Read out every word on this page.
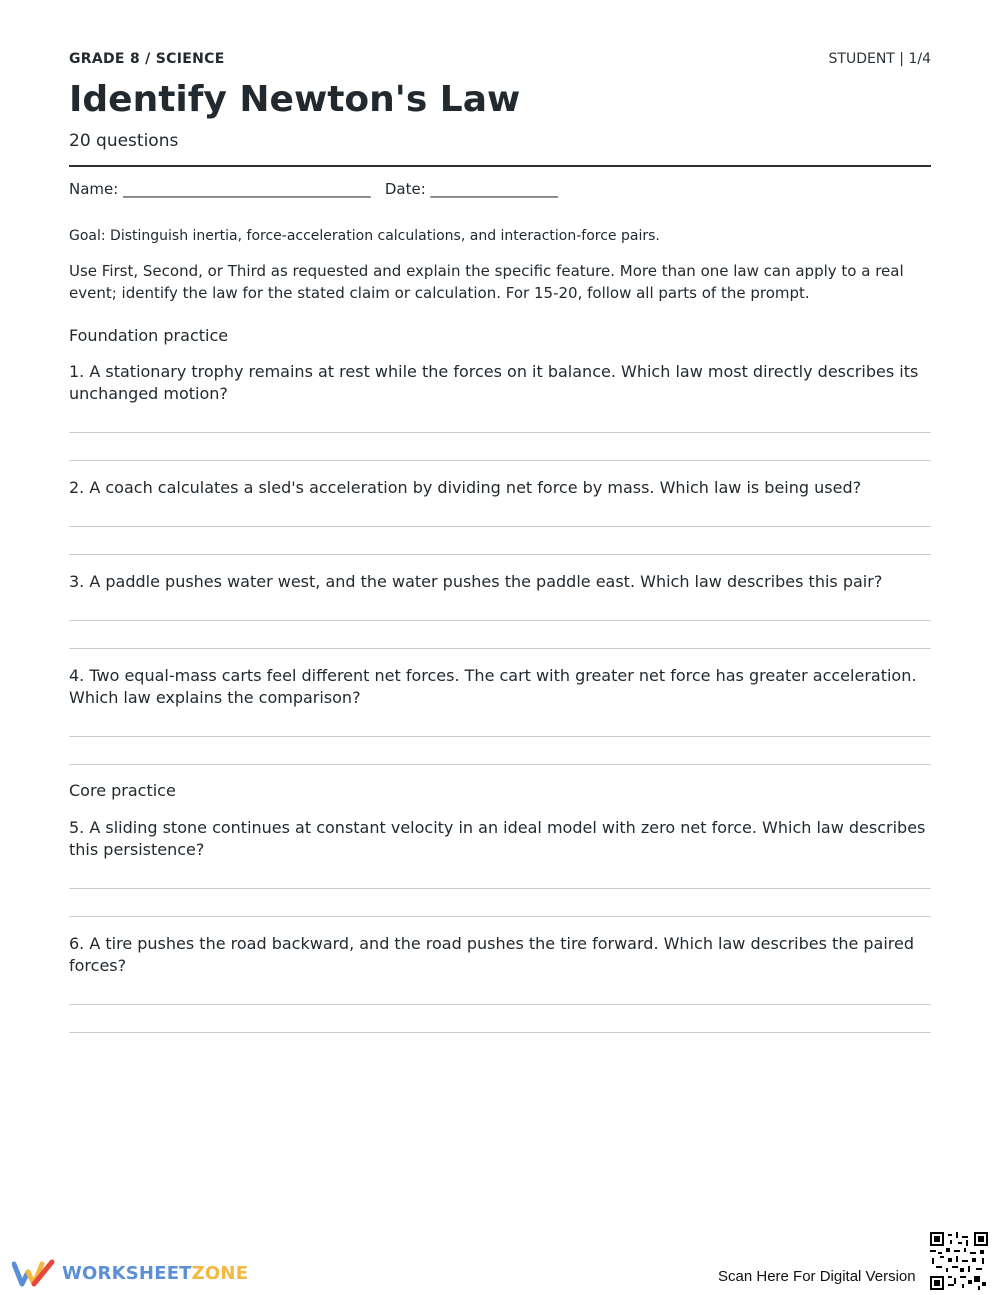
GRADE 8 / SCIENCE	STUDENT | 1/4
Identify Newton's Law
20 questions
Name: _________________________________   Date: _________________
Goal: Distinguish inertia, force-acceleration calculations, and interaction-force pairs.
Use First, Second, or Third as requested and explain the specific feature. More than one law can apply to a real event; identify the law for the stated claim or calculation. For 15-20, follow all parts of the prompt.
Foundation practice
1. A stationary trophy remains at rest while the forces on it balance. Which law most directly describes its unchanged motion?
2. A coach calculates a sled's acceleration by dividing net force by mass. Which law is being used?
3. A paddle pushes water west, and the water pushes the paddle east. Which law describes this pair?
4. Two equal-mass carts feel different net forces. The cart with greater net force has greater acceleration. Which law explains the comparison?
Core practice
5. A sliding stone continues at constant velocity in an ideal model with zero net force. Which law describes this persistence?
6. A tire pushes the road backward, and the road pushes the tire forward. Which law describes the paired forces?
WORKSHEETZONE	Scan Here For Digital Version
